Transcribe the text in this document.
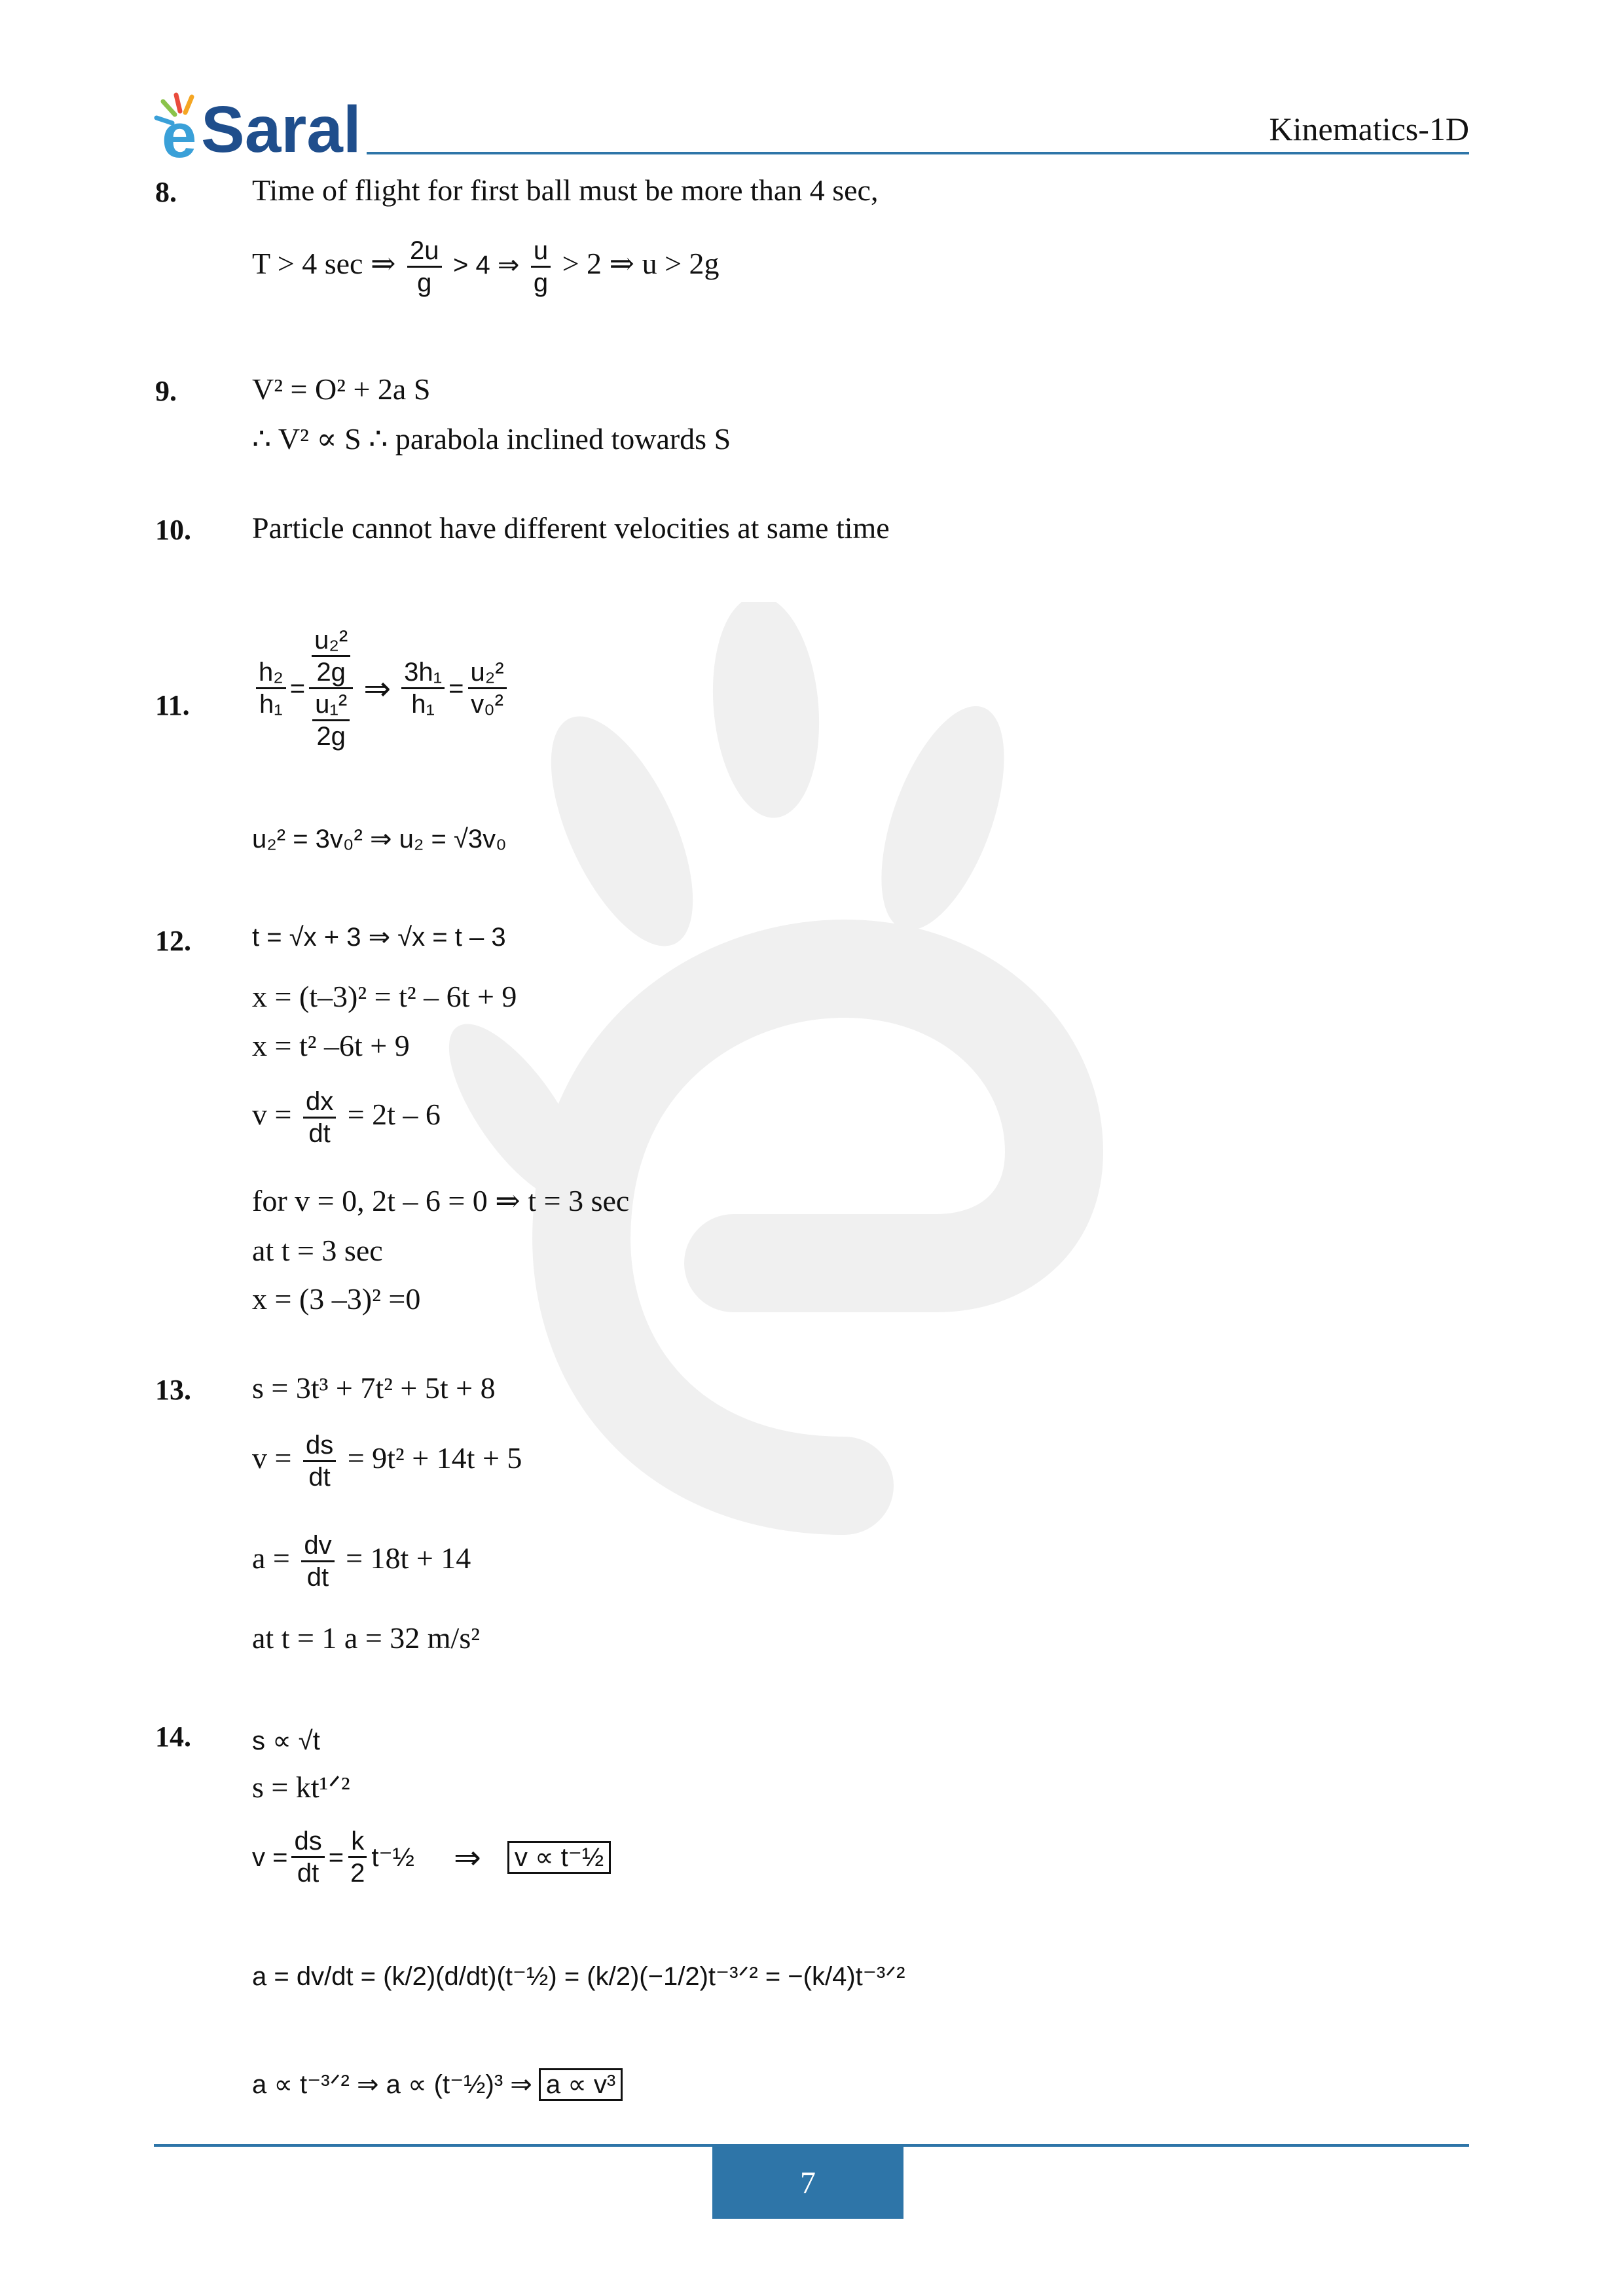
e Saral	Kinematics-1D
8.	Time of flight for first ball must be more than 4 sec,
T > 4 sec ⇒ $\frac{2u}{g} > 4$ ⇒ $\frac{u}{g} > 2$ ⇒ u > 2g
9.	V² = O² + 2a S
∴ V² ∝ S ∴ parabola inclined towards S
10. Particle cannot have different velocities at same time
11.	$\frac{\text{h₂}}{\text{h₁}} = \frac{\frac{\text{u₂²}}{2g}}{\frac{\text{u₁²}}{2g}}$ ⇒ $\frac{\text{3h₁}}{\text{h₁}} = \frac{\text{u₂²}}{\text{v₀²}}$
u₂² = 3v₀² ⇒ u₂ = √3v₀
12. t = √x + 3 ⇒ √x = t – 3
x = (t–3)² = t² – 6t + 9
x = t² –6t + 9
$v = \frac{dx}{dt} = 2t - 6$
for v = 0, 2t – 6 = 0 ⇒ t = 3 sec
at t = 3 sec
x = (3 –3)² =0
13. s = 3t³ + 7t² + 5t + 8
$v = \frac{ds}{dt} = 9t^2 + 14t + 5$
$a = \frac{dv}{dt} = 18t + 14$
at t = 1 a = 32 m/s²
14. s ∝ √t
s = kt¹ᐟ²
$v = \frac{ds}{dt} = \frac{k}{2}$ t⁻½ ⇒ v ∝ t⁻½
a = dv/dt = (k/2)(d/dt)(t⁻½) = (k/2)(−1/2)t⁻³ᐟ² = −(k/4)t⁻³ᐟ²
a ∝ t⁻³ᐟ² ⇒ a ∝ (t⁻½)³ ⇒ a ∝ v³
7
